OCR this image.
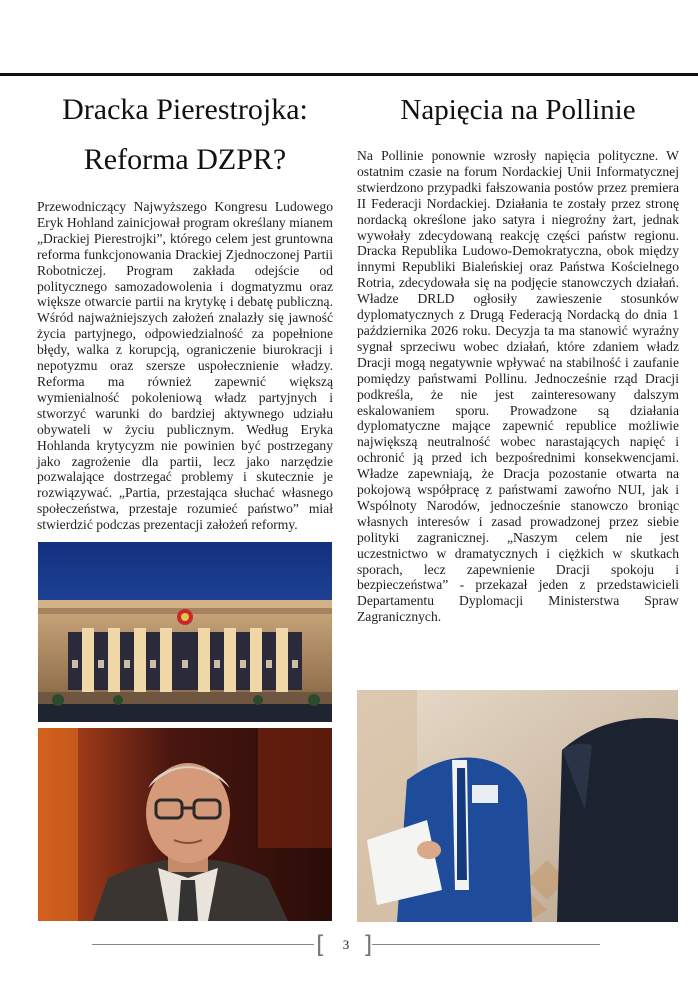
Dracka Pierestrojka:
Reforma DZPR?

Przewodniczący Najwyższego Kongresu Ludowego Eryk Hohland zainicjował program określany mianem „Drackiej Pierestrojki”, którego celem jest gruntowna reforma funkcjonowania Drackiej Zjednoczonej Partii Robotniczej. Program zakłada odejście od politycznego samozadowolenia i dogmatyzmu oraz większe otwarcie partii na krytykę i debatę publiczną. Wśród najważniejszych założeń znalazły się jawność życia partyjnego, odpowiedzialność za popełnione błędy, walka z korupcją, ograniczenie biurokracji i nepotyzmu oraz szersze uspołecznienie władzy. Reforma ma również zapewnić większą wymienialność pokoleniową władz partyjnych i stworzyć warunki do bardziej aktywnego udziału obywateli w życiu publicznym. Według Eryka Hohlanda krytycyzm nie powinien być postrzegany jako zagrożenie dla partii, lecz jako narzędzie pozwalające dostrzegać problemy i skutecznie je rozwiązywać. „Partia, przestająca słuchać własnego społeczeństwa, przestaje rozumieć państwo” miał stwierdzić podczas prezentacji założeń reformy.

Napięcia na Pollinie

Na Pollinie ponownie wzrosły napięcia polityczne. W ostatnim czasie na forum Nordackiej Unii Informatycznej stwierdzono przypadki fałszowania postów przez premiera II Federacji Nordackiej. Działania te zostały przez stronę nordacką określone jako satyra i niegroźny żart, jednak wywołały zdecydowaną reakcję części państw regionu. Dracka Republika Ludowo-Demokratyczna, obok między innymi Republiki Bialeńskiej oraz Państwa Kościelnego Rotria, zdecydowała się na podjęcie stanowczych działań. Władze DRLD ogłosiły zawieszenie stosunków dyplomatycznych z Drugą Federacją Nordacką do dnia 1 października 2026 roku. Decyzja ta ma stanowić wyraźny sygnał sprzeciwu wobec działań, które zdaniem władz Dracji mogą negatywnie wpływać na stabilność i zaufanie pomiędzy państwami Pollinu. Jednocześnie rząd Dracji podkreśla, że nie jest zainteresowany dalszym eskalowaniem sporu. Prowadzone są działania dyplomatyczne mające zapewnić republice możliwie największą neutralność wobec narastających napięć i ochronić ją przed ich bezpośrednimi konsekwencjami. Władze zapewniają, że Dracja pozostanie otwarta na pokojową współpracę z państwami zawoŕno NUI, jak i Wspólnoty Narodów, jednocześnie stanowczo broniąc własnych interesów i zasad prowadzonej przez siebie polityki zagranicznej. „Naszym celem nie jest uczestnictwo w dramatycznych i ciężkich w skutkach sporach, lecz zapewnienie Dracji spokoju i bezpieczeństwa” - przekazał jeden z przedstawicieli Departamentu Dyplomacji Ministerstwa Spraw Zagranicznych.

[ ]
3
